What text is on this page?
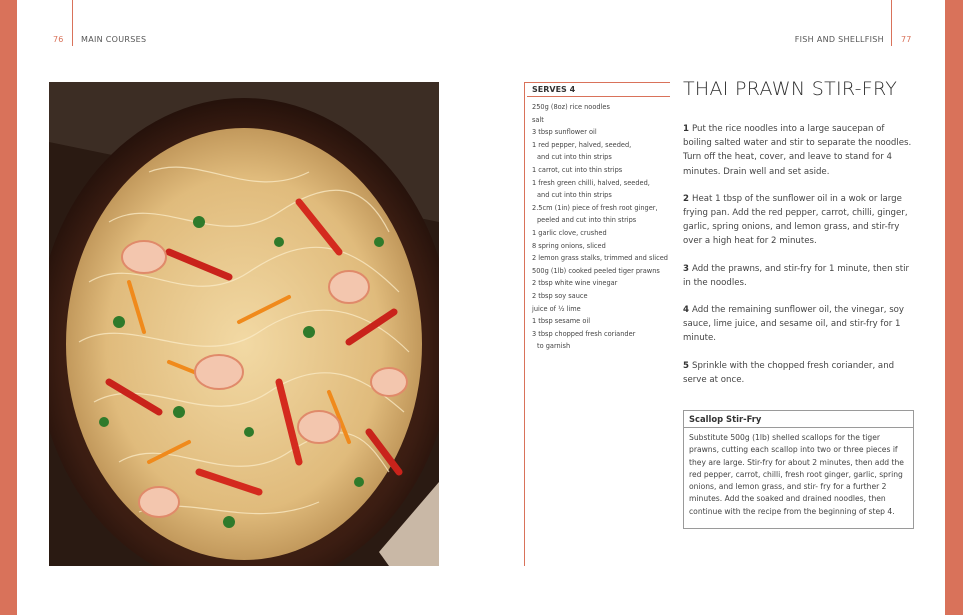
76 MAIN COURSES	FISH AND SHELLFISH 77
SERVES 4
250g (8oz) rice noodles
salt
3 tbsp sunflower oil
1 red pepper, halved, seeded,
and cut into thin strips
1 carrot, cut into thin strips
1 fresh green chilli, halved, seeded,
and cut into thin strips
2.5cm (1in) piece of fresh root ginger,
peeled and cut into thin strips
1 garlic clove, crushed
8 spring onions, sliced
2 lemon grass stalks, trimmed and sliced
500g (1lb) cooked peeled tiger prawns
2 tbsp white wine vinegar
2 tbsp soy sauce
juice of ½ lime
1 tbsp sesame oil
3 tbsp chopped fresh coriander
to garnish
THAI PRAWN STIR-FRY

1 Put the rice noodles into a large saucepan of boiling salted water and stir to separate the noodles. Turn off the heat, cover, and leave to stand for 4 minutes. Drain well and set aside.

2 Heat 1 tbsp of the sunflower oil in a wok or large frying pan. Add the red pepper, carrot, chilli, ginger, garlic, spring onions, and lemon grass, and stir-fry over a high heat for 2 minutes.

3 Add the prawns, and stir-fry for 1 minute, then stir in the noodles.

4 Add the remaining sunflower oil, the vinegar, soy sauce, lime juice, and sesame oil, and stir-fry for 1 minute.

5 Sprinkle with the chopped fresh coriander, and serve at once.

Scallop Stir-Fry
Substitute 500g (1lb) shelled scallops for the tiger prawns, cutting each scallop into two or three pieces if they are large. Stir-fry for about 2 minutes, then add the red pepper, carrot, chilli, fresh root ginger, garlic, spring onions, and lemon grass, and stir- fry for a further 2 minutes. Add the soaked and drained noodles, then continue with the recipe from the beginning of step 4.
